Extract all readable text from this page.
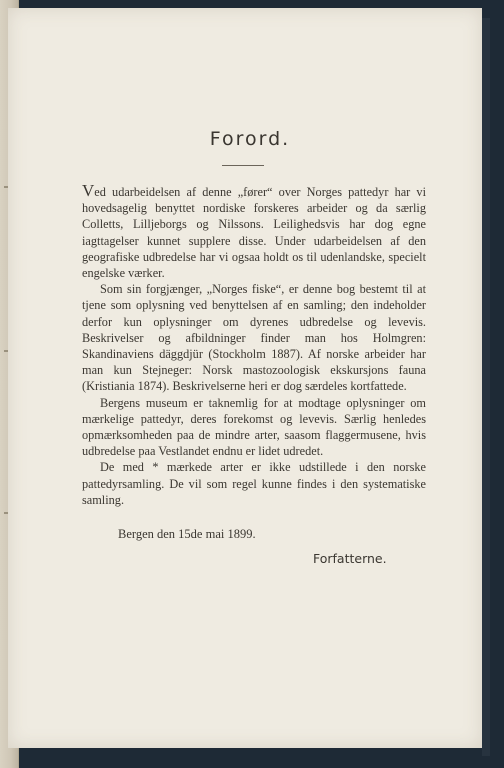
Forord.

Ved udarbeidelsen af denne „fører“ over Norges pattedyr har vi hovedsagelig benyttet nordiske forskeres arbeider og da særlig Colletts, Lilljeborgs og Nilssons. Leilighedsvis har dog egne iagttagelser kunnet supplere disse. Under udarbeidelsen af den geografiske udbredelse har vi ogsaa holdt os til udenlandske, specielt engelske værker.

Som sin forgjænger, „Norges fiske“, er denne bog bestemt til at tjene som oplysning ved benyttelsen af en samling; den indeholder derfor kun oplysninger om dyrenes udbredelse og levevis. Beskrivelser og afbildninger finder man hos Holmgren: Skandinaviens däggdjür (Stockholm 1887). Af norske arbeider har man kun Stejneger: Norsk mastozoologisk ekskursjons fauna (Kristiania 1874). Beskrivelserne heri er dog særdeles kortfattede.

Bergens museum er taknemlig for at modtage oplysninger om mærkelige pattedyr, deres forekomst og levevis. Særlig henledes opmærksomheden paa de mindre arter, saasom flaggermusene, hvis udbredelse paa Vestlandet endnu er lidet udredet.

De med * mærkede arter er ikke udstillede i den norske pattedyrsamling. De vil som regel kunne findes i den systematiske samling.

Bergen den 15de mai 1899.
Forfatterne.
